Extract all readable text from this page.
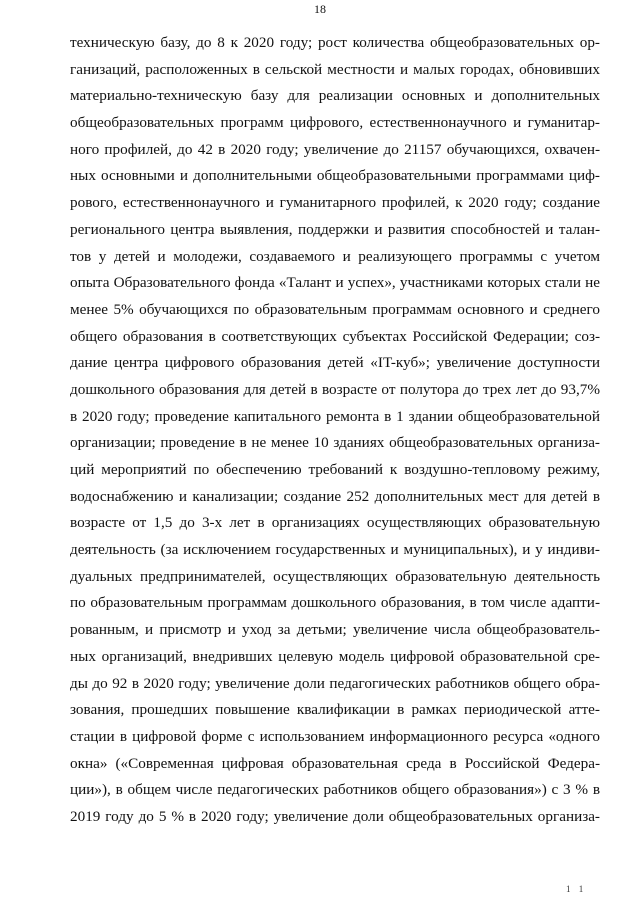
18
техническую базу, до 8 к 2020 году; рост количества общеобразовательных ор-
ганизаций, расположенных в сельской местности и малых городах, обновивших
материально-техническую базу для реализации основных и дополнительных
общеобразовательных программ цифрового, естественнонаучного и гуманитар-
ного профилей, до 42 в 2020 году; увеличение до 21157 обучающихся, охвачен-
ных основными и дополнительными общеобразовательными программами циф-
рового, естественнонаучного и гуманитарного профилей, к 2020 году; создание
регионального центра выявления, поддержки и развития способностей и талан-
тов у детей и молодежи, создаваемого и реализующего программы с учетом
опыта Образовательного фонда «Талант и успех», участниками которых стали не
менее 5% обучающихся по образовательным программам основного и среднего
общего образования в соответствующих субъектах Российской Федерации; соз-
дание центра цифрового образования детей «IT-куб»; увеличение доступности
дошкольного образования для детей в возрасте от полутора до трех лет до 93,7%
в 2020 году; проведение капитального ремонта в 1 здании общеобразовательной
организации; проведение в не менее 10 зданиях общеобразовательных организа-
ций мероприятий по обеспечению требований к воздушно-тепловому режиму,
водоснабжению и канализации; создание 252 дополнительных мест для детей в
возрасте от 1,5 до 3-х лет в организациях осуществляющих образовательную
деятельность (за исключением государственных и муниципальных), и у индиви-
дуальных предпринимателей, осуществляющих образовательную деятельность
по образовательным программам дошкольного образования, в том числе адапти-
рованным, и присмотр и уход за детьми; увеличение числа общеобразователь-
ных организаций, внедривших целевую модель цифровой образовательной сре-
ды до 92 в 2020 году; увеличение доли педагогических работников общего обра-
зования, прошедших повышение квалификации в рамках периодической атте-
стации в цифровой форме с использованием информационного ресурса «одного
окна» («Современная цифровая образовательная среда в Российской Федера-
ции»), в общем числе педагогических работников общего образования») с 3 % в
2019 году до 5 % в 2020 году; увеличение доли общеобразовательных организа-
1 1
